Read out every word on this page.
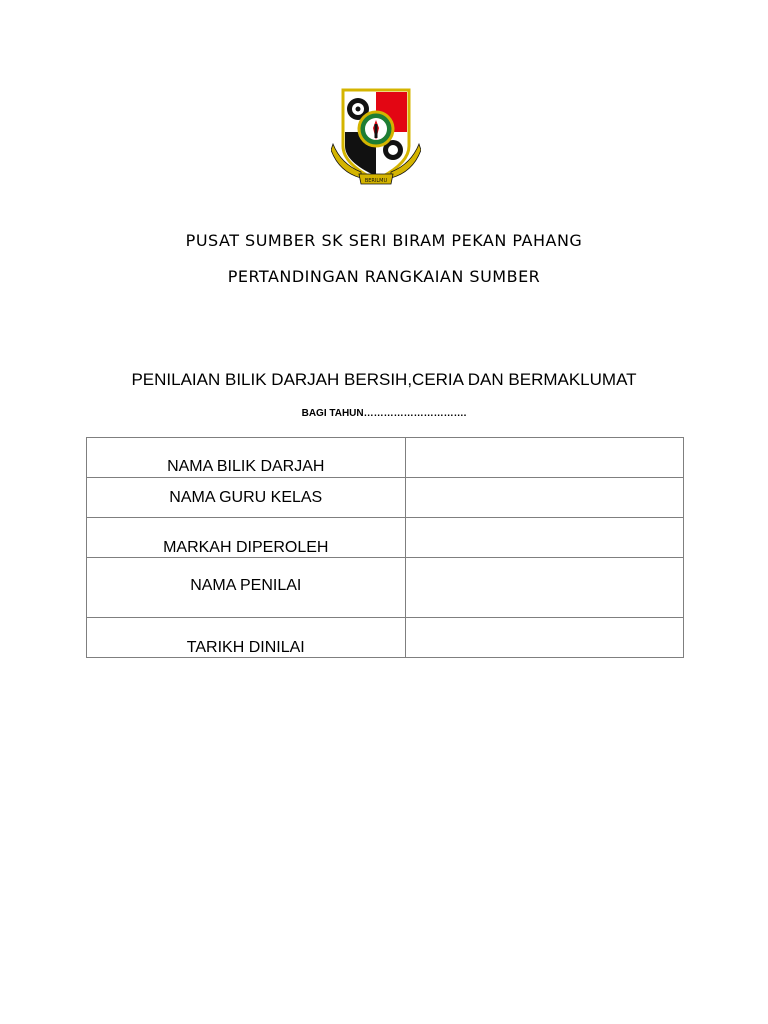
BERILMU
PUSAT SUMBER SK SERI BIRAM PEKAN PAHANG
PERTANDINGAN RANGKAIAN SUMBER
PENILAIAN BILIK DARJAH BERSIH,CERIA DAN BERMAKLUMAT
BAGI TAHUN………………………….
NAMA BILIK DARJAH	
NAMA GURU KELAS	
MARKAH DIPEROLEH	
NAMA PENILAI	
TARIKH DINILAI	
